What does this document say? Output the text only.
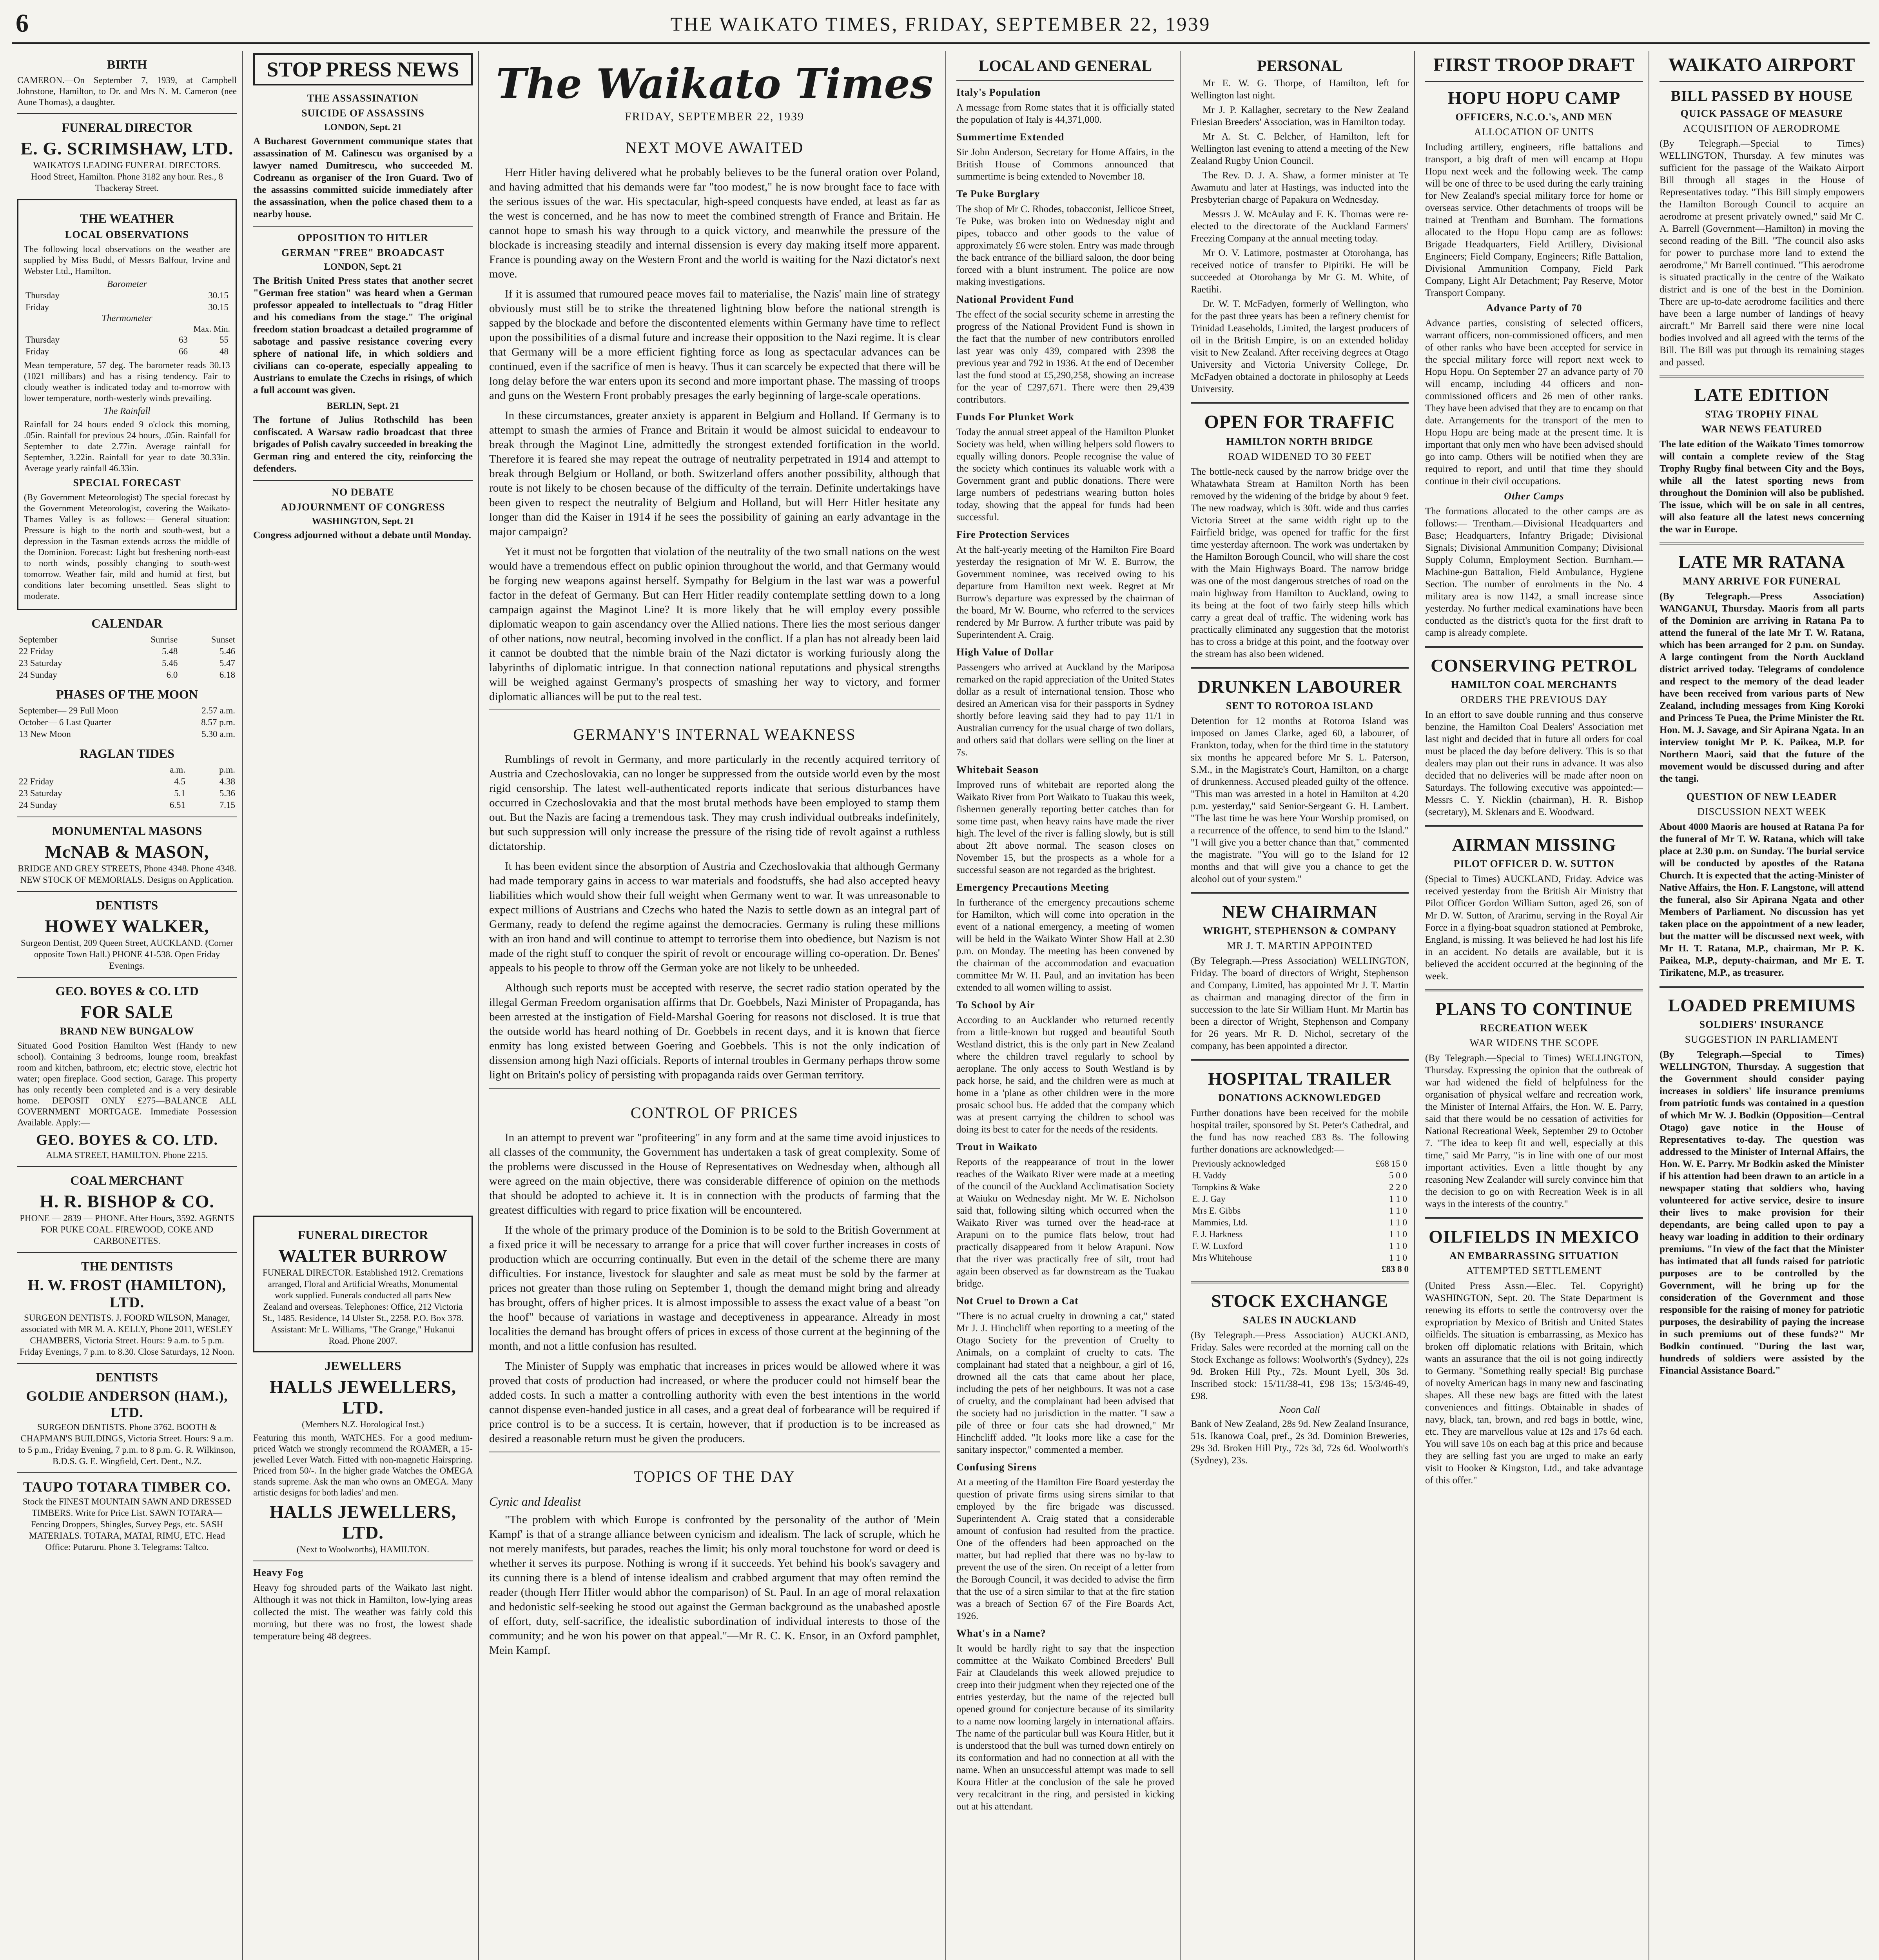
6	THE WAIKATO TIMES, FRIDAY, SEPTEMBER 22, 1939
BIRTH
CAMERON.—On September 7, 1939, at Campbell Johnstone, Hamilton, to Dr. and Mrs N. M. Cameron (nee Aune Thomas), a daughter.
FUNERAL DIRECTOR
E. G. SCRIMSHAW, LTD.
WAIKATO'S LEADING FUNERAL DIRECTORS.
Hood Street, Hamilton. Phone 3182 any hour. Res., 8 Thackeray Street.
THE WEATHER
LOCAL OBSERVATIONS
The following local observations on the weather are supplied by Miss Budd, of Messrs Balfour, Irvine and Webster Ltd., Hamilton.
Barometer
Thursday	30.15
Friday	30.15
Thermometer
Max. Min.
Thursday	63	55
Friday	66	48
Mean temperature, 57 deg. The barometer reads 30.13 (1021 millibars) and has a rising tendency. Fair to cloudy weather is indicated today and to-morrow with lower temperature, north-westerly winds prevailing.
The Rainfall
Rainfall for 24 hours ended 9 o'clock this morning, .05in. Rainfall for previous 24 hours, .05in. Rainfall for September to date 2.77in. Average rainfall for September, 3.22in. Rainfall for year to date 30.33in. Average yearly rainfall 46.33in.
SPECIAL FORECAST
(By Government Meteorologist) The special forecast by the Government Meteorologist, covering the Waikato-Thames Valley is as follows:— General situation: Pressure is high to the north and south-west, but a depression in the Tasman extends across the middle of the Dominion. Forecast: Light but freshening north-east to north winds, possibly changing to south-west tomorrow. Weather fair, mild and humid at first, but conditions later becoming unsettled. Seas slight to moderate.
CALENDAR
September	Sunrise	Sunset
22 Friday	5.48	5.46
23 Saturday	5.46	5.47
24 Sunday	6.0	6.18
PHASES OF THE MOON
September— 29 Full Moon	2.57 a.m.
October— 6 Last Quarter	8.57 p.m.
13 New Moon	5.30 a.m.
RAGLAN TIDES
	a.m.	p.m.
22 Friday	4.5	4.38
23 Saturday	5.1	5.36
24 Sunday	6.51	7.15
MONUMENTAL MASONS
McNAB & MASON,
BRIDGE AND GREY STREETS, Phone 4348. Phone 4348. NEW STOCK OF MEMORIALS. Designs on Application.
DENTISTS
HOWEY WALKER,
Surgeon Dentist, 209 Queen Street, AUCKLAND. (Corner opposite Town Hall.) PHONE 41-538. Open Friday Evenings.
GEO. BOYES & CO. LTD
FOR SALE
BRAND NEW BUNGALOW
Situated Good Position Hamilton West (Handy to new school). Containing 3 bedrooms, lounge room, breakfast room and kitchen, bathroom, etc; electric stove, electric hot water; open fireplace. Good section, Garage. This property has only recently been completed and is a very desirable home. DEPOSIT ONLY £275—BALANCE ALL GOVERNMENT MORTGAGE. Immediate Possession Available. Apply:—
GEO. BOYES & CO. LTD.
ALMA STREET, HAMILTON. Phone 2215.
COAL MERCHANT
H. R. BISHOP & CO.
PHONE — 2839 — PHONE. After Hours, 3592. AGENTS FOR PUKE COAL. FIREWOOD, COKE AND CARBONETTES.
THE DENTISTS
H. W. FROST (HAMILTON), LTD.
SURGEON DENTISTS. J. FOORD WILSON, Manager, associated with MR M. A. KELLY, Phone 2011, WESLEY CHAMBERS, Victoria Street. Hours: 9 a.m. to 5 p.m. Friday Evenings, 7 p.m. to 8.30. Close Saturdays, 12 Noon.
DENTISTS
GOLDIE ANDERSON (HAM.), LTD.
SURGEON DENTISTS. Phone 3762. BOOTH & CHAPMAN'S BUILDINGS, Victoria Street. Hours: 9 a.m. to 5 p.m., Friday Evening, 7 p.m. to 8 p.m. G. R. Wilkinson, B.D.S. G. E. Wingfield, Cert. Dent., N.Z.
TAUPO TOTARA TIMBER CO.
Stock the FINEST MOUNTAIN SAWN AND DRESSED TIMBERS. Write for Price List. SAWN TOTARA—Fencing Droppers, Shingles, Survey Pegs, etc. SASH MATERIALS. TOTARA, MATAI, RIMU, ETC. Head Office: Putaruru. Phone 3. Telegrams: Taltco.
STOP PRESS NEWS
THE ASSASSINATION
SUICIDE OF ASSASSINS
LONDON, Sept. 21
A Bucharest Government communique states that assassination of M. Calinescu was organised by a lawyer named Dumitrescu, who succeeded M. Codreanu as organiser of the Iron Guard. Two of the assassins committed suicide immediately after the assassination, when the police chased them to a nearby house.
OPPOSITION TO HITLER
GERMAN "FREE" BROADCAST
LONDON, Sept. 21
The British United Press states that another secret "German free station" was heard when a German professor appealed to intellectuals to "drag Hitler and his comedians from the stage." The original freedom station broadcast a detailed programme of sabotage and passive resistance covering every sphere of national life, in which soldiers and civilians can co-operate, especially appealing to Austrians to emulate the Czechs in risings, of which a full account was given.
BERLIN, Sept. 21
The fortune of Julius Rothschild has been confiscated. A Warsaw radio broadcast that three brigades of Polish cavalry succeeded in breaking the German ring and entered the city, reinforcing the defenders.
NO DEBATE
ADJOURNMENT OF CONGRESS
WASHINGTON, Sept. 21
Congress adjourned without a debate until Monday.
FUNERAL DIRECTOR
WALTER BURROW
FUNERAL DIRECTOR. Established 1912. Cremations arranged, Floral and Artificial Wreaths, Monumental work supplied. Funerals conducted all parts New Zealand and overseas. Telephones: Office, 212 Victoria St., 1485. Residence, 14 Ulster St., 2258. P.O. Box 378. Assistant: Mr L. Williams, "The Grange," Hukanui Road. Phone 2007.
JEWELLERS
HALLS JEWELLERS, LTD.
(Members N.Z. Horological Inst.)
Featuring this month, WATCHES. For a good medium-priced Watch we strongly recommend the ROAMER, a 15-jewelled Lever Watch. Fitted with non-magnetic Hairspring. Priced from 50/-. In the higher grade Watches the OMEGA stands supreme. Ask the man who owns an OMEGA. Many artistic designs for both ladies' and men.
HALLS JEWELLERS, LTD.
(Next to Woolworths), HAMILTON.
Heavy Fog
Heavy fog shrouded parts of the Waikato last night. Although it was not thick in Hamilton, low-lying areas collected the mist. The weather was fairly cold this morning, but there was no frost, the lowest shade temperature being 48 degrees.
The Waikato Times
FRIDAY, SEPTEMBER 22, 1939
NEXT MOVE AWAITED

Herr Hitler having delivered what he probably believes to be the funeral oration over Poland, and having admitted that his demands were far "too modest," he is now brought face to face with the serious issues of the war. His spectacular, high-speed conquests have ended, at least as far as the west is concerned, and he has now to meet the combined strength of France and Britain. He cannot hope to smash his way through to a quick victory, and meanwhile the pressure of the blockade is increasing steadily and internal dissension is every day making itself more apparent. France is pounding away on the Western Front and the world is waiting for the Nazi dictator's next move.

If it is assumed that rumoured peace moves fail to materialise, the Nazis' main line of strategy obviously must still be to strike the threatened lightning blow before the national strength is sapped by the blockade and before the discontented elements within Germany have time to reflect upon the possibilities of a dismal future and increase their opposition to the Nazi regime. It is clear that Germany will be a more efficient fighting force as long as spectacular advances can be continued, even if the sacrifice of men is heavy. Thus it can scarcely be expected that there will be long delay before the war enters upon its second and more important phase. The massing of troops and guns on the Western Front probably presages the early beginning of large-scale operations.

In these circumstances, greater anxiety is apparent in Belgium and Holland. If Germany is to attempt to smash the armies of France and Britain it would be almost suicidal to endeavour to break through the Maginot Line, admittedly the strongest extended fortification in the world. Therefore it is feared she may repeat the outrage of neutrality perpetrated in 1914 and attempt to break through Belgium or Holland, or both. Switzerland offers another possibility, although that route is not likely to be chosen because of the difficulty of the terrain. Definite undertakings have been given to respect the neutrality of Belgium and Holland, but will Herr Hitler hesitate any longer than did the Kaiser in 1914 if he sees the possibility of gaining an early advantage in the major campaign?

Yet it must not be forgotten that violation of the neutrality of the two small nations on the west would have a tremendous effect on public opinion throughout the world, and that Germany would be forging new weapons against herself. Sympathy for Belgium in the last war was a powerful factor in the defeat of Germany. But can Herr Hitler readily contemplate settling down to a long campaign against the Maginot Line? It is more likely that he will employ every possible diplomatic weapon to gain ascendancy over the Allied nations. There lies the most serious danger of other nations, now neutral, becoming involved in the conflict. If a plan has not already been laid it cannot be doubted that the nimble brain of the Nazi dictator is working furiously along the labyrinths of diplomatic intrigue. In that connection national reputations and physical strengths will be weighed against Germany's prospects of smashing her way to victory, and former diplomatic alliances will be put to the real test.

GERMANY'S INTERNAL WEAKNESS

Rumblings of revolt in Germany, and more particularly in the recently acquired territory of Austria and Czechoslovakia, can no longer be suppressed from the outside world even by the most rigid censorship. The latest well-authenticated reports indicate that serious disturbances have occurred in Czechoslovakia and that the most brutal methods have been employed to stamp them out. But the Nazis are facing a tremendous task. They may crush individual outbreaks indefinitely, but such suppression will only increase the pressure of the rising tide of revolt against a ruthless dictatorship.

It has been evident since the absorption of Austria and Czechoslovakia that although Germany had made temporary gains in access to war materials and foodstuffs, she had also accepted heavy liabilities which would show their full weight when Germany went to war. It was unreasonable to expect millions of Austrians and Czechs who hated the Nazis to settle down as an integral part of Germany, ready to defend the regime against the democracies. Germany is ruling these millions with an iron hand and will continue to attempt to terrorise them into obedience, but Nazism is not made of the right stuff to conquer the spirit of revolt or encourage willing co-operation. Dr. Benes' appeals to his people to throw off the German yoke are not likely to be unheeded.

Although such reports must be accepted with reserve, the secret radio station operated by the illegal German Freedom organisation affirms that Dr. Goebbels, Nazi Minister of Propaganda, has been arrested at the instigation of Field-Marshal Goering for reasons not disclosed. It is true that the outside world has heard nothing of Dr. Goebbels in recent days, and it is known that fierce enmity has long existed between Goering and Goebbels. This is not the only indication of dissension among high Nazi officials. Reports of internal troubles in Germany perhaps throw some light on Britain's policy of persisting with propaganda raids over German territory.

CONTROL OF PRICES

In an attempt to prevent war "profiteering" in any form and at the same time avoid injustices to all classes of the community, the Government has undertaken a task of great complexity. Some of the problems were discussed in the House of Representatives on Wednesday when, although all were agreed on the main objective, there was considerable difference of opinion on the methods that should be adopted to achieve it. It is in connection with the products of farming that the greatest difficulties with regard to price fixation will be encountered.

If the whole of the primary produce of the Dominion is to be sold to the British Government at a fixed price it will be necessary to arrange for a price that will cover further increases in costs of production which are occurring continually. But even in the detail of the scheme there are many difficulties. For instance, livestock for slaughter and sale as meat must be sold by the farmer at prices not greater than those ruling on September 1, though the demand might bring and already has brought, offers of higher prices. It is almost impossible to assess the exact value of a beast "on the hoof" because of variations in wastage and deceptiveness in appearance. Already in most localities the demand has brought offers of prices in excess of those current at the beginning of the month, and not a little confusion has resulted.

The Minister of Supply was emphatic that increases in prices would be allowed where it was proved that costs of production had increased, or where the producer could not himself bear the added costs. In such a matter a controlling authority with even the best intentions in the world cannot dispense even-handed justice in all cases, and a great deal of forbearance will be required if price control is to be a success. It is certain, however, that if production is to be increased as desired a reasonable return must be given the producers.

TOPICS OF THE DAY
Cynic and Idealist

"The problem with which Europe is confronted by the personality of the author of 'Mein Kampf' is that of a strange alliance between cynicism and idealism. The lack of scruple, which he not merely manifests, but parades, reaches the limit; his only moral touchstone for word or deed is whether it serves its purpose. Nothing is wrong if it succeeds. Yet behind his book's savagery and its cunning there is a blend of intense idealism and crabbed argument that may often remind the reader (though Herr Hitler would abhor the comparison) of St. Paul. In an age of moral relaxation and hedonistic self-seeking he stood out against the German background as the unabashed apostle of effort, duty, self-sacrifice, the idealistic subordination of individual interests to those of the community; and he won his power on that appeal."—Mr R. C. K. Ensor, in an Oxford pamphlet, Mein Kampf.

LOCAL AND GENERAL
Italy's Population
A message from Rome states that it is officially stated the population of Italy is 44,371,000.
Summertime Extended
Sir John Anderson, Secretary for Home Affairs, in the British House of Commons announced that summertime is being extended to November 18.
Te Puke Burglary
The shop of Mr C. Rhodes, tobacconist, Jellicoe Street, Te Puke, was broken into on Wednesday night and pipes, tobacco and other goods to the value of approximately £6 were stolen. Entry was made through the back entrance of the billiard saloon, the door being forced with a blunt instrument. The police are now making investigations.
National Provident Fund
The effect of the social security scheme in arresting the progress of the National Provident Fund is shown in the fact that the number of new contributors enrolled last year was only 439, compared with 2398 the previous year and 792 in 1936. At the end of December last the fund stood at £5,290,258, showing an increase for the year of £297,671. There were then 29,439 contributors.
Funds For Plunket Work
Today the annual street appeal of the Hamilton Plunket Society was held, when willing helpers sold flowers to equally willing donors. People recognise the value of the society which continues its valuable work with a Government grant and public donations. There were large numbers of pedestrians wearing button holes today, showing that the appeal for funds had been successful.
Fire Protection Services
At the half-yearly meeting of the Hamilton Fire Board yesterday the resignation of Mr W. E. Burrow, the Government nominee, was received owing to his departure from Hamilton next week. Regret at Mr Burrow's departure was expressed by the chairman of the board, Mr W. Bourne, who referred to the services rendered by Mr Burrow. A further tribute was paid by Superintendent A. Craig.
High Value of Dollar
Passengers who arrived at Auckland by the Mariposa remarked on the rapid appreciation of the United States dollar as a result of international tension. Those who desired an American visa for their passports in Sydney shortly before leaving said they had to pay 11/1 in Australian currency for the usual charge of two dollars, and others said that dollars were selling on the liner at 7s.
Whitebait Season
Improved runs of whitebait are reported along the Waikato River from Port Waikato to Tuakau this week, fishermen generally reporting better catches than for some time past, when heavy rains have made the river high. The level of the river is falling slowly, but is still about 2ft above normal. The season closes on November 15, but the prospects as a whole for a successful season are not regarded as the brightest.
Emergency Precautions Meeting
In furtherance of the emergency precautions scheme for Hamilton, which will come into operation in the event of a national emergency, a meeting of women will be held in the Waikato Winter Show Hall at 2.30 p.m. on Monday. The meeting has been convened by the chairman of the accommodation and evacuation committee Mr W. H. Paul, and an invitation has been extended to all women willing to assist.
To School by Air
According to an Aucklander who returned recently from a little-known but rugged and beautiful South Westland district, this is the only part in New Zealand where the children travel regularly to school by aeroplane. The only access to South Westland is by pack horse, he said, and the children were as much at home in a 'plane as other children were in the more prosaic school bus. He added that the company which was at present carrying the children to school was doing its best to cater for the needs of the residents.
Trout in Waikato
Reports of the reappearance of trout in the lower reaches of the Waikato River were made at a meeting of the council of the Auckland Acclimatisation Society at Waiuku on Wednesday night. Mr W. E. Nicholson said that, following silting which occurred when the Waikato River was turned over the head-race at Arapuni on to the pumice flats below, trout had practically disappeared from it below Arapuni. Now that the river was practically free of silt, trout had again been observed as far downstream as the Tuakau bridge.
Not Cruel to Drown a Cat
"There is no actual cruelty in drowning a cat," stated Mr J. J. Hinchcliff when reporting to a meeting of the Otago Society for the prevention of Cruelty to Animals, on a complaint of cruelty to cats. The complainant had stated that a neighbour, a girl of 16, drowned all the cats that came about her place, including the pets of her neighbours. It was not a case of cruelty, and the complainant had been advised that the society had no jurisdiction in the matter. "I saw a pile of three or four cats she had drowned," Mr Hinchcliff added. "It looks more like a case for the sanitary inspector," commented a member.
Confusing Sirens
At a meeting of the Hamilton Fire Board yesterday the question of private firms using sirens similar to that employed by the fire brigade was discussed. Superintendent A. Craig stated that a considerable amount of confusion had resulted from the practice. One of the offenders had been approached on the matter, but had replied that there was no by-law to prevent the use of the siren. On receipt of a letter from the Borough Council, it was decided to advise the firm that the use of a siren similar to that at the fire station was a breach of Section 67 of the Fire Boards Act, 1926.
What's in a Name?
It would be hardly right to say that the inspection committee at the Waikato Combined Breeders' Bull Fair at Claudelands this week allowed prejudice to creep into their judgment when they rejected one of the entries yesterday, but the name of the rejected bull opened ground for conjecture because of its similarity to a name now looming largely in international affairs. The name of the particular bull was Koura Hitler, but it is understood that the bull was turned down entirely on its conformation and had no connection at all with the name. When an unsuccessful attempt was made to sell Koura Hitler at the conclusion of the sale he proved very recalcitrant in the ring, and persisted in kicking out at his attendant.
PERSONAL
Mr E. W. G. Thorpe, of Hamilton, left for Wellington last night.
Mr J. P. Kallagher, secretary to the New Zealand Friesian Breeders' Association, was in Hamilton today.
Mr A. St. C. Belcher, of Hamilton, left for Wellington last evening to attend a meeting of the New Zealand Rugby Union Council.
The Rev. D. J. A. Shaw, a former minister at Te Awamutu and later at Hastings, was inducted into the Presbyterian charge of Papakura on Wednesday.
Messrs J. W. McAulay and F. K. Thomas were re-elected to the directorate of the Auckland Farmers' Freezing Company at the annual meeting today.
Mr O. V. Latimore, postmaster at Otorohanga, has received notice of transfer to Pipiriki. He will be succeeded at Otorohanga by Mr G. M. White, of Raetihi.
Dr. W. T. McFadyen, formerly of Wellington, who for the past three years has been a refinery chemist for Trinidad Leaseholds, Limited, the largest producers of oil in the British Empire, is on an extended holiday visit to New Zealand. After receiving degrees at Otago University and Victoria University College, Dr. McFadyen obtained a doctorate in philosophy at Leeds University.
OPEN FOR TRAFFIC
HAMILTON NORTH BRIDGE
ROAD WIDENED TO 30 FEET
The bottle-neck caused by the narrow bridge over the Whatawhata Stream at Hamilton North has been removed by the widening of the bridge by about 9 feet. The new roadway, which is 30ft. wide and thus carries Victoria Street at the same width right up to the Fairfield bridge, was opened for traffic for the first time yesterday afternoon. The work was undertaken by the Hamilton Borough Council, who will share the cost with the Main Highways Board. The narrow bridge was one of the most dangerous stretches of road on the main highway from Hamilton to Auckland, owing to its being at the foot of two fairly steep hills which carry a great deal of traffic. The widening work has practically eliminated any suggestion that the motorist has to cross a bridge at this point, and the footway over the stream has also been widened.
DRUNKEN LABOURER
SENT TO ROTOROA ISLAND
Detention for 12 months at Rotoroa Island was imposed on James Clarke, aged 60, a labourer, of Frankton, today, when for the third time in the statutory six months he appeared before Mr S. L. Paterson, S.M., in the Magistrate's Court, Hamilton, on a charge of drunkenness. Accused pleaded guilty of the offence. "This man was arrested in a hotel in Hamilton at 4.20 p.m. yesterday," said Senior-Sergeant G. H. Lambert. "The last time he was here Your Worship promised, on a recurrence of the offence, to send him to the Island." "I will give you a better chance than that," commented the magistrate. "You will go to the Island for 12 months and that will give you a chance to get the alcohol out of your system."
NEW CHAIRMAN
WRIGHT, STEPHENSON & COMPANY
MR J. T. MARTIN APPOINTED
(By Telegraph.—Press Association) WELLINGTON, Friday. The board of directors of Wright, Stephenson and Company, Limited, has appointed Mr J. T. Martin as chairman and managing director of the firm in succession to the late Sir William Hunt. Mr Martin has been a director of Wright, Stephenson and Company for 26 years. Mr R. D. Nichol, secretary of the company, has been appointed a director.
HOSPITAL TRAILER
DONATIONS ACKNOWLEDGED
Further donations have been received for the mobile hospital trailer, sponsored by St. Peter's Cathedral, and the fund has now reached £83 8s. The following further donations are acknowledged:—
Previously acknowledged	£68 15 0
H. Vaddy	5 0 0
Tompkins & Wake	2 2 0
E. J. Gay	1 1 0
Mrs E. Gibbs	1 1 0
Mammies, Ltd.	1 1 0
F. J. Harkness	1 1 0
F. W. Luxford	1 1 0
Mrs Whitehouse	1 1 0
£83 8 0
STOCK EXCHANGE
SALES IN AUCKLAND
(By Telegraph.—Press Association) AUCKLAND, Friday. Sales were recorded at the morning call on the Stock Exchange as follows: Woolworth's (Sydney), 22s 9d. Broken Hill Pty., 72s. Mount Lyell, 30s 3d. Inscribed stock: 15/11/38-41, £98 13s; 15/3/46-49, £98.
Noon Call
Bank of New Zealand, 28s 9d. New Zealand Insurance, 51s. Ikanowa Coal, pref., 2s 3d. Dominion Breweries, 29s 3d. Broken Hill Pty., 72s 3d, 72s 6d. Woolworth's (Sydney), 23s.
FIRST TROOP DRAFT
HOPU HOPU CAMP
OFFICERS, N.C.O.'s, AND MEN
ALLOCATION OF UNITS
Including artillery, engineers, rifle battalions and transport, a big draft of men will encamp at Hopu Hopu next week and the following week. The camp will be one of three to be used during the early training for New Zealand's special military force for home or overseas service. Other detachments of troops will be trained at Trentham and Burnham. The formations allocated to the Hopu Hopu camp are as follows: Brigade Headquarters, Field Artillery, Divisional Engineers; Field Company, Engineers; Rifle Battalion, Divisional Ammunition Company, Field Park Company, Light AIr Detachment; Pay Reserve, Motor Transport Company.
Advance Party of 70
Advance parties, consisting of selected officers, warrant officers, non-commissioned officers, and men of other ranks who have been accepted for service in the special military force will report next week to Hopu Hopu. On September 27 an advance party of 70 will encamp, including 44 officers and non-commissioned officers and 26 men of other ranks. They have been advised that they are to encamp on that date. Arrangements for the transport of the men to Hopu Hopu are being made at the present time. It is important that only men who have been advised should go into camp. Others will be notified when they are required to report, and until that time they should continue in their civil occupations.
Other Camps
The formations allocated to the other camps are as follows:— Trentham.—Divisional Headquarters and Base; Headquarters, Infantry Brigade; Divisional Signals; Divisional Ammunition Company; Divisional Supply Column, Employment Section. Burnham.—Machine-gun Battalion, Field Ambulance, Hygiene Section. The number of enrolments in the No. 4 military area is now 1142, a small increase since yesterday. No further medical examinations have been conducted as the district's quota for the first draft to camp is already complete.
CONSERVING PETROL
HAMILTON COAL MERCHANTS
ORDERS THE PREVIOUS DAY
In an effort to save double running and thus conserve benzine, the Hamilton Coal Dealers' Association met last night and decided that in future all orders for coal must be placed the day before delivery. This is so that dealers may plan out their runs in advance. It was also decided that no deliveries will be made after noon on Saturdays. The following executive was appointed:—Messrs C. Y. Nicklin (chairman), H. R. Bishop (secretary), M. Sklenars and E. Woodward.
AIRMAN MISSING
PILOT OFFICER D. W. SUTTON
(Special to Times) AUCKLAND, Friday. Advice was received yesterday from the British Air Ministry that Pilot Officer Gordon William Sutton, aged 26, son of Mr D. W. Sutton, of Ararimu, serving in the Royal Air Force in a flying-boat squadron stationed at Pembroke, England, is missing. It was believed he had lost his life in an accident. No details are available, but it is believed the accident occurred at the beginning of the week.
PLANS TO CONTINUE
RECREATION WEEK
WAR WIDENS THE SCOPE
(By Telegraph.—Special to Times) WELLINGTON, Thursday. Expressing the opinion that the outbreak of war had widened the field of helpfulness for the organisation of physical welfare and recreation work, the Minister of Internal Affairs, the Hon. W. E. Parry, said that there would be no cessation of activities for National Recreational Week, September 29 to October 7. "The idea to keep fit and well, especially at this time," said Mr Parry, "is in line with one of our most important activities. Even a little thought by any reasoning New Zealander will surely convince him that the decision to go on with Recreation Week is in all ways in the interests of the country."
OILFIELDS IN MEXICO
AN EMBARRASSING SITUATION
ATTEMPTED SETTLEMENT
(United Press Assn.—Elec. Tel. Copyright) WASHINGTON, Sept. 20. The State Department is renewing its efforts to settle the controversy over the expropriation by Mexico of British and United States oilfields. The situation is embarrassing, as Mexico has broken off diplomatic relations with Britain, which wants an assurance that the oil is not going indirectly to Germany. "Something really special! Big purchase of novelty American bags in many new and fascinating shapes. All these new bags are fitted with the latest conveniences and fittings. Obtainable in shades of navy, black, tan, brown, and red bags in bottle, wine, etc. They are marvellous value at 12s and 17s 6d each. You will save 10s on each bag at this price and because they are selling fast you are urged to make an early visit to Hooker & Kingston, Ltd., and take advantage of this offer."
WAIKATO AIRPORT
BILL PASSED BY HOUSE
QUICK PASSAGE OF MEASURE
ACQUISITION OF AERODROME
(By Telegraph.—Special to Times) WELLINGTON, Thursday. A few minutes was sufficient for the passage of the Waikato Airport Bill through all stages in the House of Representatives today. "This Bill simply empowers the Hamilton Borough Council to acquire an aerodrome at present privately owned," said Mr C. A. Barrell (Government—Hamilton) in moving the second reading of the Bill. "The council also asks for power to purchase more land to extend the aerodrome," Mr Barrell continued. "This aerodrome is situated practically in the centre of the Waikato district and is one of the best in the Dominion. There are up-to-date aerodrome facilities and there have been a large number of landings of heavy aircraft." Mr Barrell said there were nine local bodies involved and all agreed with the terms of the Bill. The Bill was put through its remaining stages and passed.
LATE EDITION
STAG TROPHY FINAL
WAR NEWS FEATURED
The late edition of the Waikato Times tomorrow will contain a complete review of the Stag Trophy Rugby final between City and the Boys, while all the latest sporting news from throughout the Dominion will also be published. The issue, which will be on sale in all centres, will also feature all the latest news concerning the war in Europe.
LATE MR RATANA
MANY ARRIVE FOR FUNERAL
(By Telegraph.—Press Association) WANGANUI, Thursday. Maoris from all parts of the Dominion are arriving in Ratana Pa to attend the funeral of the late Mr T. W. Ratana, which has been arranged for 2 p.m. on Sunday. A large contingent from the North Auckland district arrived today. Telegrams of condolence and respect to the memory of the dead leader have been received from various parts of New Zealand, including messages from King Koroki and Princess Te Puea, the Prime Minister the Rt. Hon. M. J. Savage, and Sir Apirana Ngata. In an interview tonight Mr P. K. Paikea, M.P. for Northern Maori, said that the future of the movement would be discussed during and after the tangi.
QUESTION OF NEW LEADER
DISCUSSION NEXT WEEK
About 4000 Maoris are housed at Ratana Pa for the funeral of Mr T. W. Ratana, which will take place at 2.30 p.m. on Sunday. The burial service will be conducted by apostles of the Ratana Church. It is expected that the acting-Minister of Native Affairs, the Hon. F. Langstone, will attend the funeral, also Sir Apirana Ngata and other Members of Parliament. No discussion has yet taken place on the appointment of a new leader, but the matter will be discussed next week, with Mr H. T. Ratana, M.P., chairman, Mr P. K. Paikea, M.P., deputy-chairman, and Mr E. T. Tirikatene, M.P., as treasurer.
LOADED PREMIUMS
SOLDIERS' INSURANCE
SUGGESTION IN PARLIAMENT
(By Telegraph.—Special to Times) WELLINGTON, Thursday. A suggestion that the Government should consider paying increases in soldiers' life insurance premiums from patriotic funds was contained in a question of which Mr W. J. Bodkin (Opposition—Central Otago) gave notice in the House of Representatives to-day. The question was addressed to the Minister of Internal Affairs, the Hon. W. E. Parry. Mr Bodkin asked the Minister if his attention had been drawn to an article in a newspaper stating that soldiers who, having volunteered for active service, desire to insure their lives to make provision for their dependants, are being called upon to pay a heavy war loading in addition to their ordinary premiums. "In view of the fact that the Minister has intimated that all funds raised for patriotic purposes are to be controlled by the Government, will he bring up for the consideration of the Government and those responsible for the raising of money for patriotic purposes, the desirability of paying the increase in such premiums out of these funds?" Mr Bodkin continued. "During the last war, hundreds of soldiers were assisted by the Financial Assistance Board."
